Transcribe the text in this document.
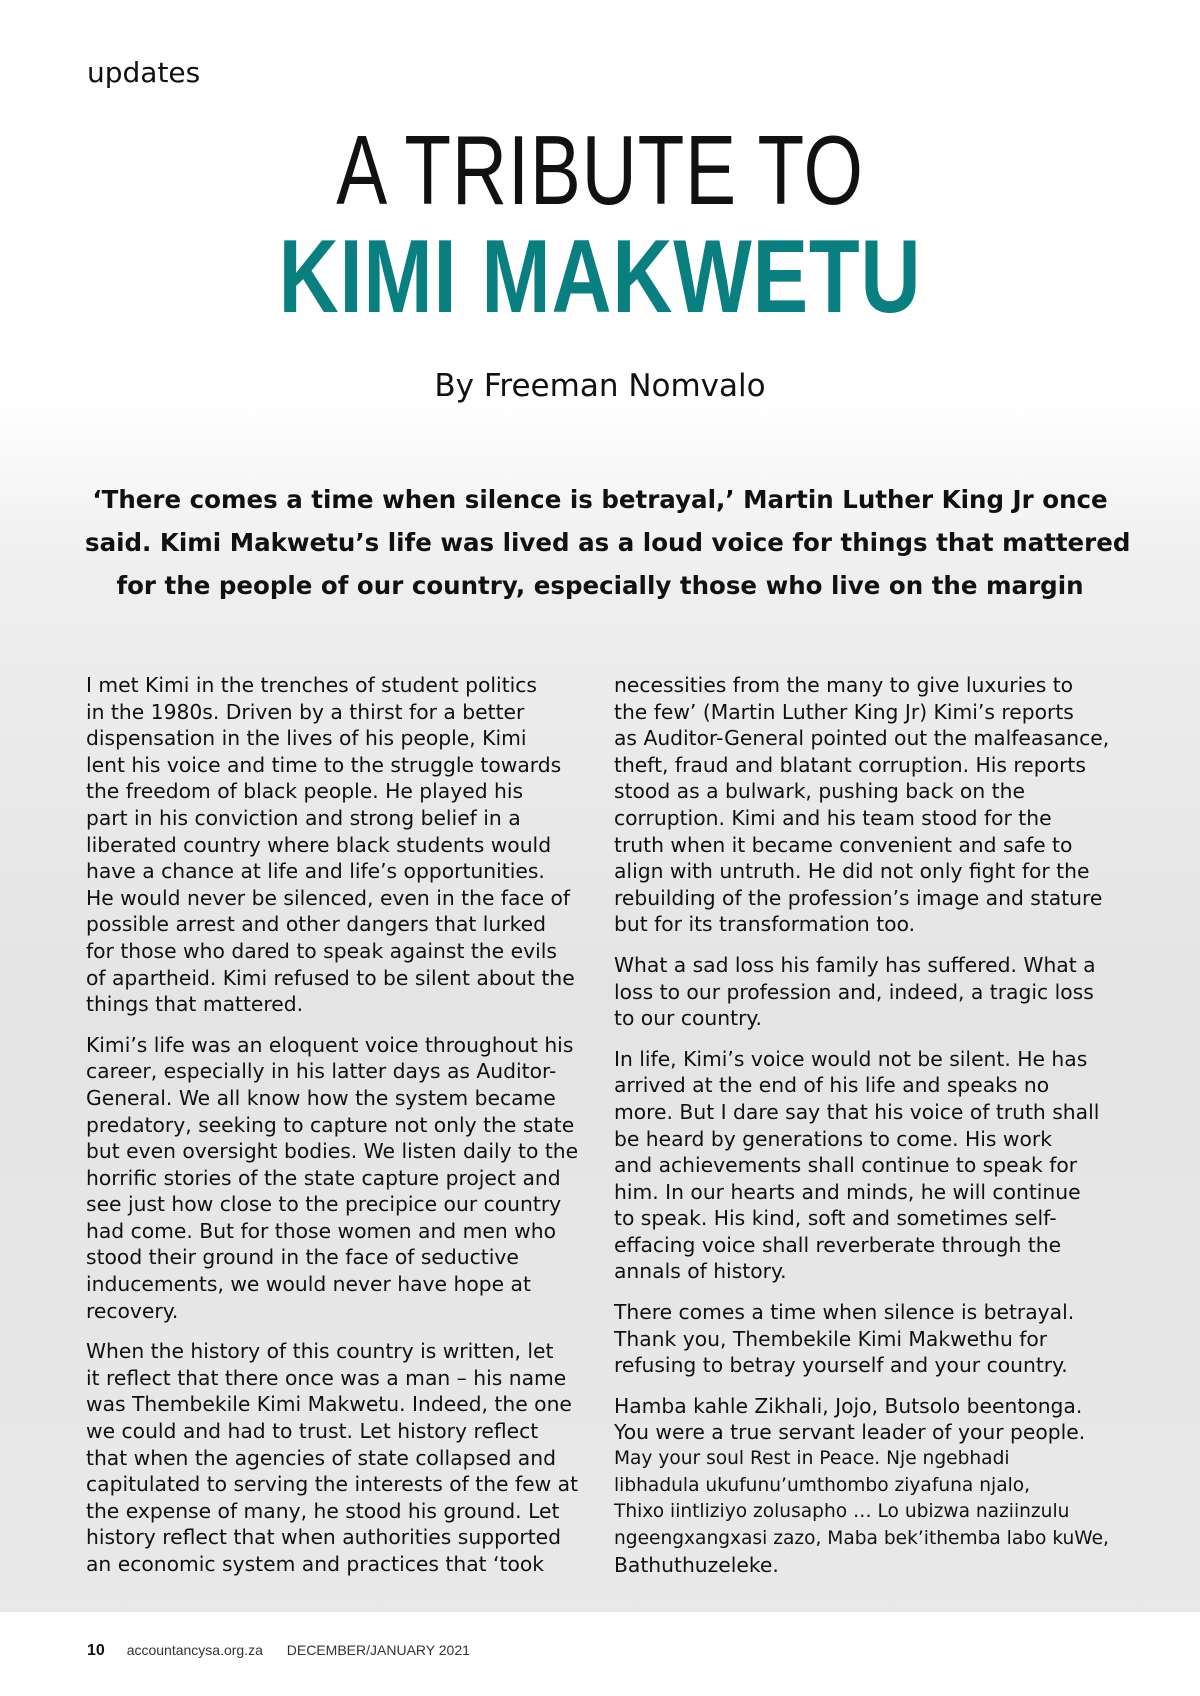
updates
A TRIBUTE TO
KIMI MAKWETU
By Freeman Nomvalo

‘There comes a time when silence is betrayal,’ Martin Luther King Jr once

said. Kimi Makwetu’s life was lived as a loud voice for things that mattered

for the people of our country, especially those who live on the margin

I met Kimi in the trenches of student politics
in the 1980s. Driven by a thirst for a better
dispensation in the lives of his people, Kimi
lent his voice and time to the struggle towards
the freedom of black people. He played his
part in his conviction and strong belief in a
liberated country where black students would
have a chance at life and life’s opportunities.
He would never be silenced, even in the face of
possible arrest and other dangers that lurked
for those who dared to speak against the evils
of apartheid. Kimi refused to be silent about the
things that mattered.

Kimi’s life was an eloquent voice throughout his
career, especially in his latter days as Auditor-
General. We all know how the system became
predatory, seeking to capture not only the state
but even oversight bodies. We listen daily to the
horrific stories of the state capture project and
see just how close to the precipice our country
had come. But for those women and men who
stood their ground in the face of seductive
inducements, we would never have hope at
recovery.

When the history of this country is written, let
it reflect that there once was a man – his name
was Thembekile Kimi Makwetu. Indeed, the one
we could and had to trust. Let history reflect
that when the agencies of state collapsed and
capitulated to serving the interests of the few at
the expense of many, he stood his ground. Let
history reflect that when authorities supported
an economic system and practices that ‘took

necessities from the many to give luxuries to
the few’ (Martin Luther King Jr) Kimi’s reports
as Auditor-General pointed out the malfeasance,
theft, fraud and blatant corruption. His reports
stood as a bulwark, pushing back on the
corruption. Kimi and his team stood for the
truth when it became convenient and safe to
align with untruth. He did not only fight for the
rebuilding of the profession’s image and stature
but for its transformation too.

What a sad loss his family has suffered. What a
loss to our profession and, indeed, a tragic loss
to our country.

In life, Kimi’s voice would not be silent. He has
arrived at the end of his life and speaks no
more. But I dare say that his voice of truth shall
be heard by generations to come. His work
and achievements shall continue to speak for
him. In our hearts and minds, he will continue
to speak. His kind, soft and sometimes self-
effacing voice shall reverberate through the
annals of history.

There comes a time when silence is betrayal.
Thank you, Thembekile Kimi Makwethu for
refusing to betray yourself and your country.

Hamba kahle Zikhali, Jojo, Butsolo beentonga.
You were a true servant leader of your people.
May your soul Rest in Peace. Nje ngebhadi
libhadula ukufunu’umthombo ziyafuna njalo,
Thixo iintliziyo zolusapho … Lo ubizwa naziinzulu
ngeengxangxasi zazo, Maba bek’ithemba labo kuWe,
Bathuthuzeleke.

10 accountancysa.org.za DECEMBER/JANUARY 2021
